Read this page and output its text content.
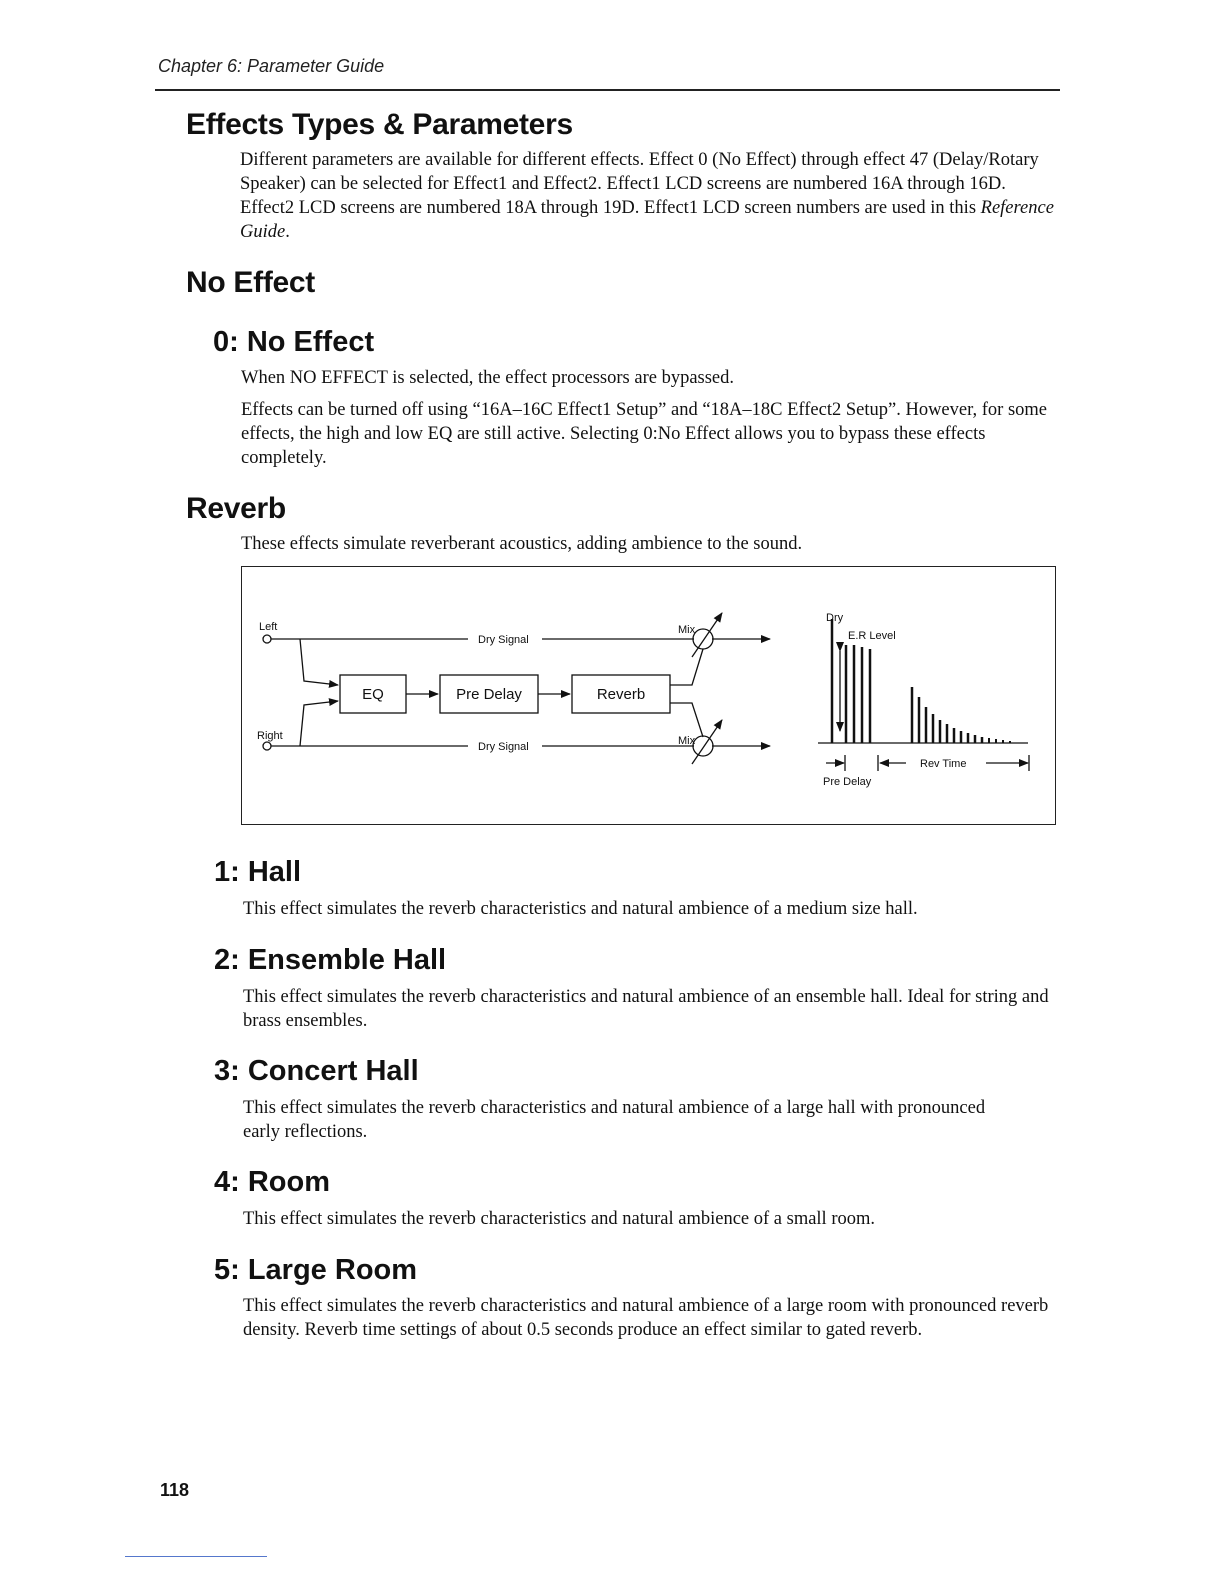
Chapter 6: Parameter Guide
Effects Types & Parameters
Different parameters are available for different effects. Effect 0 (No Effect) through effect 47 (Delay/Rotary Speaker) can be selected for Effect1 and Effect2. Effect1 LCD screens are numbered 16A through 16D. Effect2 LCD screens are numbered 18A through 19D. Effect1 LCD screen numbers are used in this Reference Guide.
No Effect
0: No Effect
When NO EFFECT is selected, the effect processors are bypassed.
Effects can be turned off using “16A–16C Effect1 Setup” and “18A–18C Effect2 Setup”. However, for some effects, the high and low EQ are still active. Selecting 0:No Effect allows you to bypass these effects completely.
Reverb
These effects simulate reverberant acoustics, adding ambience to the sound.
Left
Right
Dry Signal
Dry Signal
Mix
Mix
EQ	Pre Delay	Reverb
Dry
E.R Level
Rev Time
Pre Delay
1: Hall
This effect simulates the reverb characteristics and natural ambience of a medium size hall.
2: Ensemble Hall
This effect simulates the reverb characteristics and natural ambience of an ensemble hall. Ideal for string and brass ensembles.
3: Concert Hall
This effect simulates the reverb characteristics and natural ambience of a large hall with pronounced early reflections.
4: Room
This effect simulates the reverb characteristics and natural ambience of a small room.
5: Large Room
This effect simulates the reverb characteristics and natural ambience of a large room with pronounced reverb density. Reverb time settings of about 0.5 seconds produce an effect similar to gated reverb.
118
